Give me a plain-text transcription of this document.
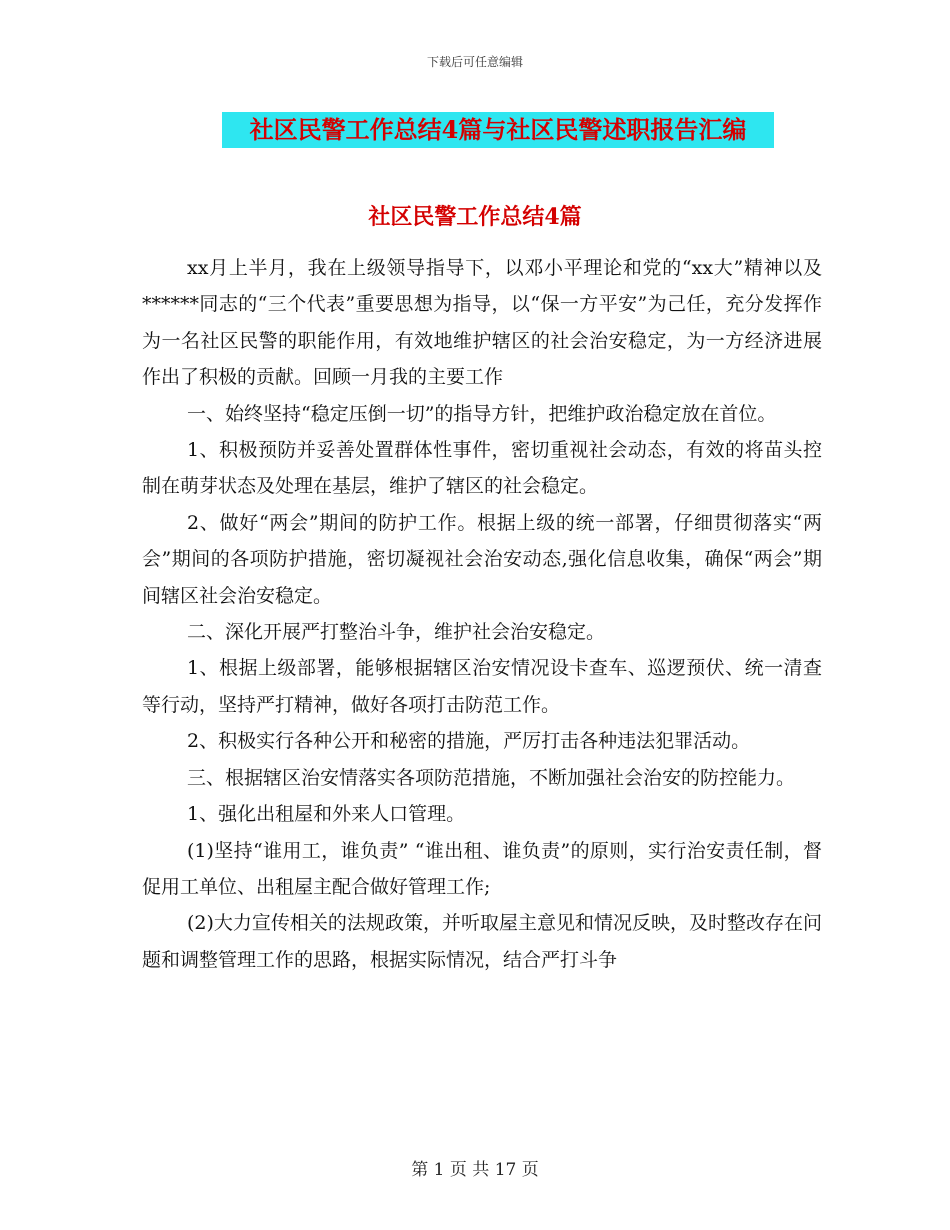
下载后可任意编辑
社区民警工作总结4篇与社区民警述职报告汇编
社区民警工作总结4篇

xx月上半月，我在上级领导指导下，以邓小平理论和党的“xx大”精神以及******同志的“三个代表”重要思想为指导，以“保一方平安”为己任，充分发挥作为一名社区民警的职能作用，有效地维护辖区的社会治安稳定，为一方经济进展作出了积极的贡献。回顾一月我的主要工作

一、始终坚持“稳定压倒一切”的指导方针，把维护政治稳定放在首位。

1、积极预防并妥善处置群体性事件，密切重视社会动态，有效的将苗头控制在萌芽状态及处理在基层，维护了辖区的社会稳定。

2、做好“两会”期间的防护工作。根据上级的统一部署，仔细贯彻落实“两会”期间的各项防护措施，密切凝视社会治安动态,强化信息收集，确保“两会”期间辖区社会治安稳定。

二、深化开展严打整治斗争，维护社会治安稳定。

1、根据上级部署，能够根据辖区治安情况设卡查车、巡逻预伏、统一清查等行动，坚持严打精神，做好各项打击防范工作。

2、积极实行各种公开和秘密的措施，严厉打击各种违法犯罪活动。

三、根据辖区治安情落实各项防范措施，不断加强社会治安的防控能力。

1、强化出租屋和外来人口管理。

(1)坚持“谁用工，谁负责” “谁出租、谁负责”的原则，实行治安责任制，督促用工单位、出租屋主配合做好管理工作;

(2)大力宣传相关的法规政策，并听取屋主意见和情况反映，及时整改存在问题和调整管理工作的思路，根据实际情况，结合严打斗争

第 1 页 共 17 页
